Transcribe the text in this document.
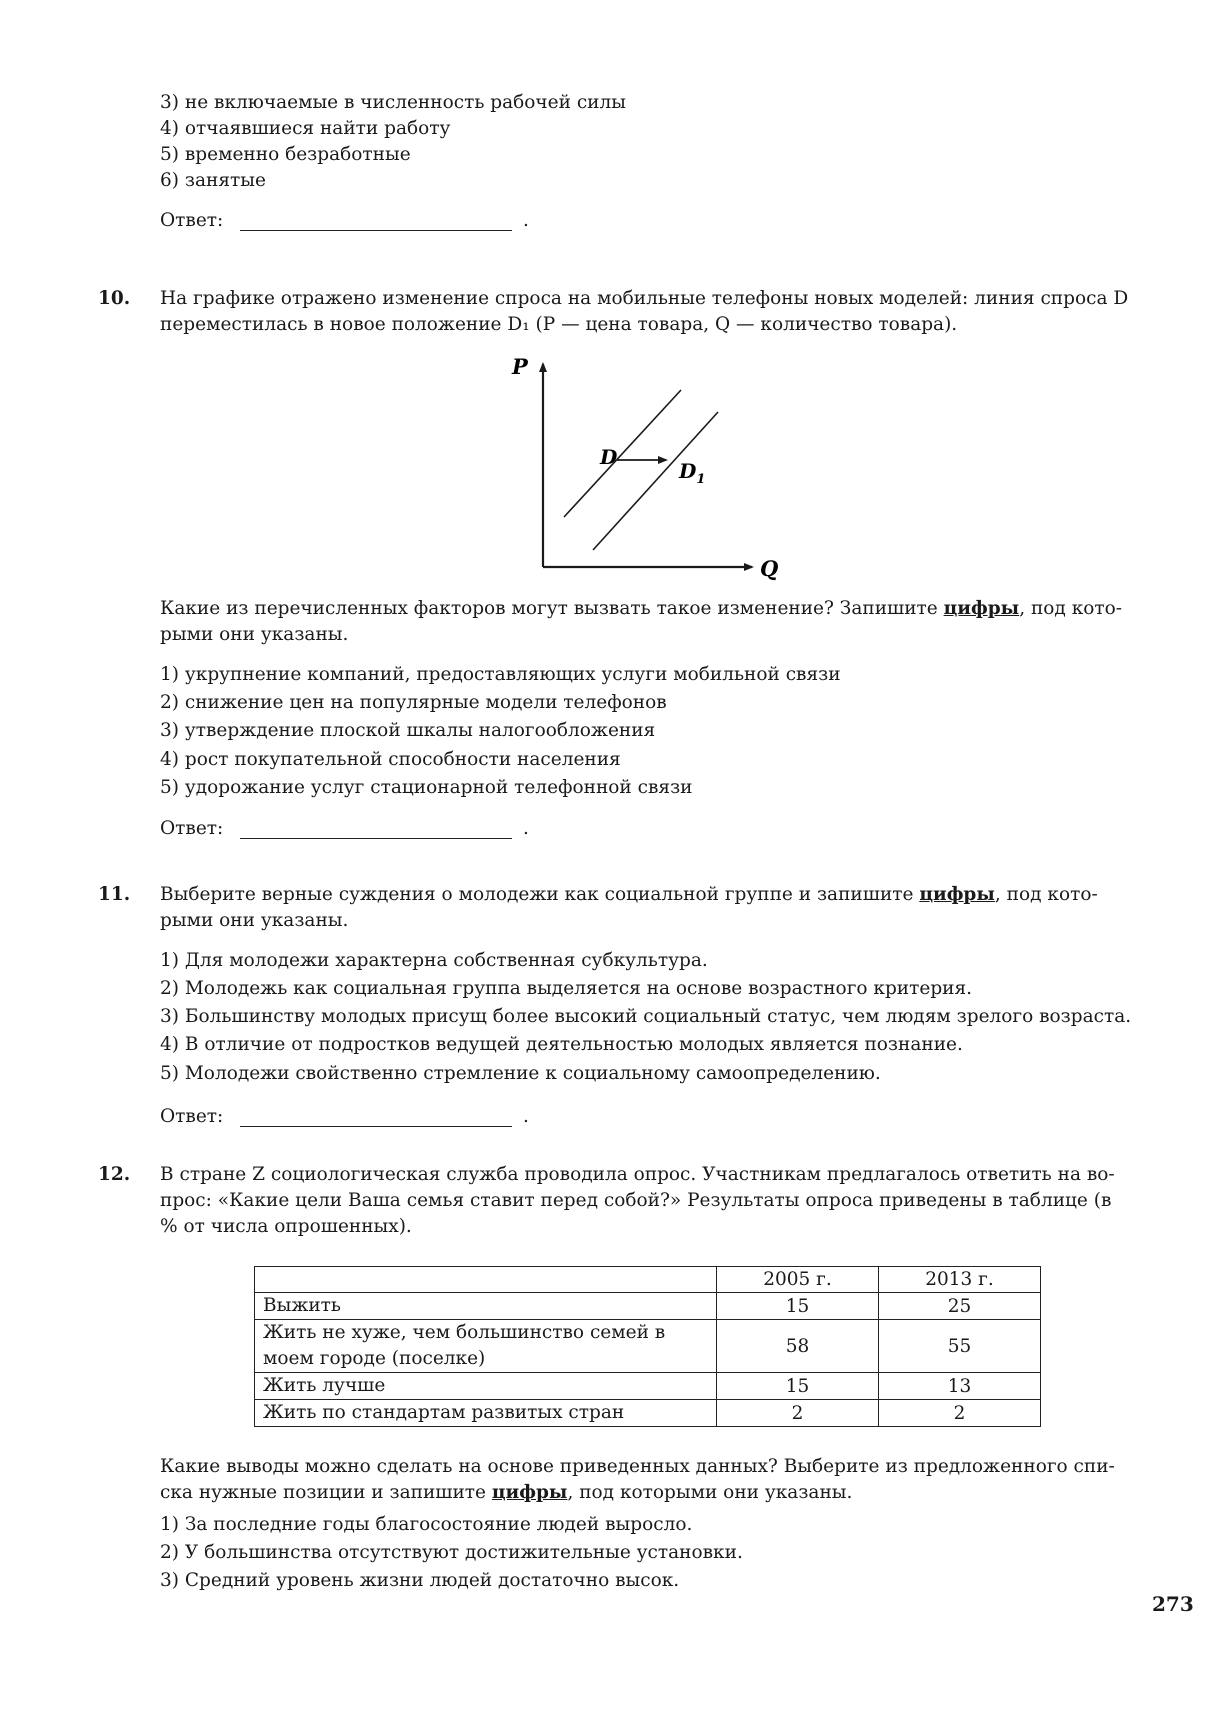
3) не включаемые в численность рабочей силы
4) отчаявшиеся найти работу
5) временно безработные
6) занятые
Ответ:	.
10. На графике отражено изменение спроса на мобильные телефоны новых моделей: линия спроса D
переместилась в новое положение D₁ (P — цена товара, Q — количество товара).
P
Q
D
$D_1$
Какие из перечисленных факторов могут вызвать такое изменение? Запишите цифры, под кото-
рыми они указаны.
1) укрупнение компаний, предоставляющих услуги мобильной связи
2) снижение цен на популярные модели телефонов
3) утверждение плоской шкалы налогообложения
4) рост покупательной способности населения
5) удорожание услуг стационарной телефонной связи
Ответ:	.
11. Выберите верные суждения о молодежи как социальной группе и запишите цифры, под кото-
рыми они указаны.
1) Для молодежи характерна собственная субкультура.
2) Молодежь как социальная группа выделяется на основе возрастного критерия.
3) Большинству молодых присущ более высокий социальный статус, чем людям зрелого возраста.
4) В отличие от подростков ведущей деятельностью молодых является познание.
5) Молодежи свойственно стремление к социальному самоопределению.
Ответ:	.
12. В стране Z социологическая служба проводила опрос. Участникам предлагалось ответить на во-
прос: «Какие цели Ваша семья ставит перед собой?» Результаты опроса приведены в таблице (в
% от числа опрошенных).
	2005 г.	2013 г.
Выжить	15	25
Жить не хуже, чем большинство семей в моем городе (поселке)	58	55
Жить лучше	15	13
Жить по стандартам развитых стран	2	2
Какие выводы можно сделать на основе приведенных данных? Выберите из предложенного спи-
ска нужные позиции и запишите цифры, под которыми они указаны.
1) За последние годы благосостояние людей выросло.
2) У большинства отсутствуют достижительные установки.
3) Средний уровень жизни людей достаточно высок.
273
